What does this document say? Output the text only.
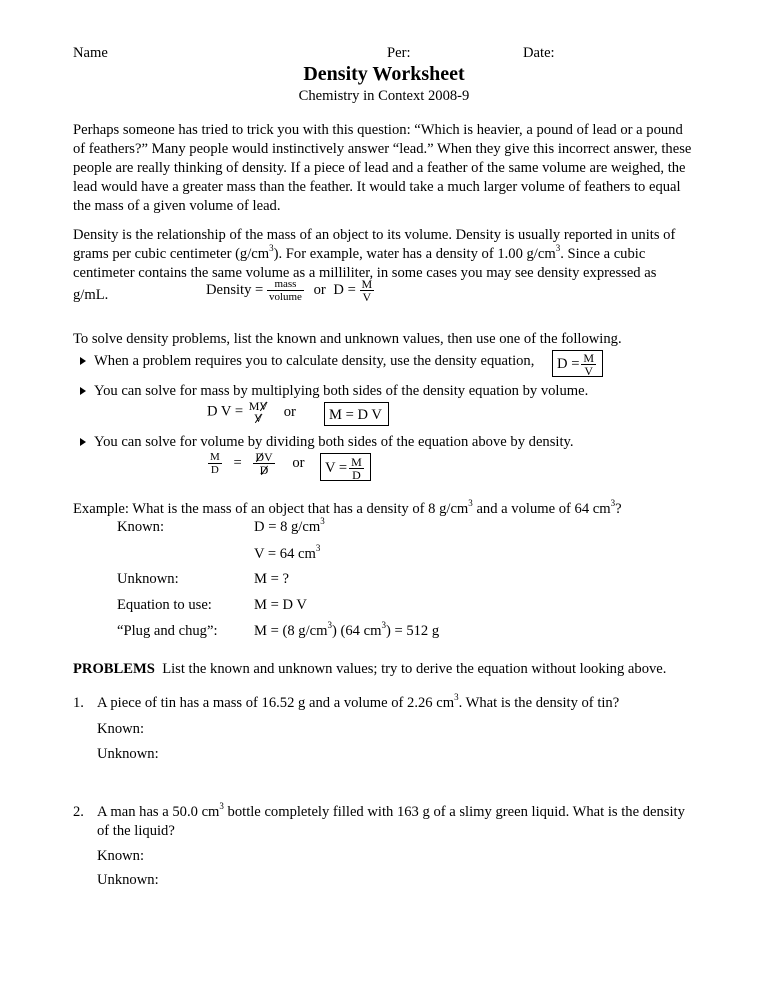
Name	Per:	Date:
Density Worksheet
Chemistry in Context 2008-9
Perhaps someone has tried to trick you with this question: “Which is heavier, a pound of lead or a pound of feathers?” Many people would instinctively answer “lead.” When they give this incorrect answer, these people are really thinking of density. If a piece of lead and a feather of the same volume are weighed, the lead would have a greater mass than the feather. It would take a much larger volume of feathers to equal the mass of a given volume of lead.
Density is the relationship of the mass of an object to its volume. Density is usually reported in units of grams per cubic centimeter $(g/cm^3)$. For example, water has a density of 1.00 $g/cm^3$. Since a cubic centimeter contains the same volume as a milliliter, in some cases you may see density expressed as
g/mL.	Density = $\frac{\text{mass}}{\text{volume}}$ or $D = \frac{M}{V}$
To solve density problems, list the known and unknown values, then use one of the following.
When a problem requires you to calculate density, use the density equation,	$D = \frac{M}{V}$
You can solve for mass by multiplying both sides of the density equation by volume.
D V = MV
V	or	M = D V
You can solve for volume by dividing both sides of the equation above by density.
$\frac{M}{D} = \frac{DV}{D}$ or	$V = \frac{M}{D}$
Example: What is the mass of an object that has a density of 8 $g/cm^3$ and a volume of 64 $cm^3$?
Known:	D = 8 $g/cm^3$
V = 64 $cm^3$
Unknown:	M = ?
Equation to use:	M = D V
“Plug and chug”: M = (8 $g/cm^3$) (64 $cm^3) = 512$ g
PROBLEMS List the known and unknown values; try to derive the equation without looking above.
1. A piece of tin has a mass of 16.52 g and a volume of 2.26 $cm^3$. What is the density of tin?
Known:
Unknown:
2. A man has a 50.0 $cm^3$ bottle completely filled with 163 g of a slimy green liquid. What is the density of the liquid?
Known:
Unknown:
